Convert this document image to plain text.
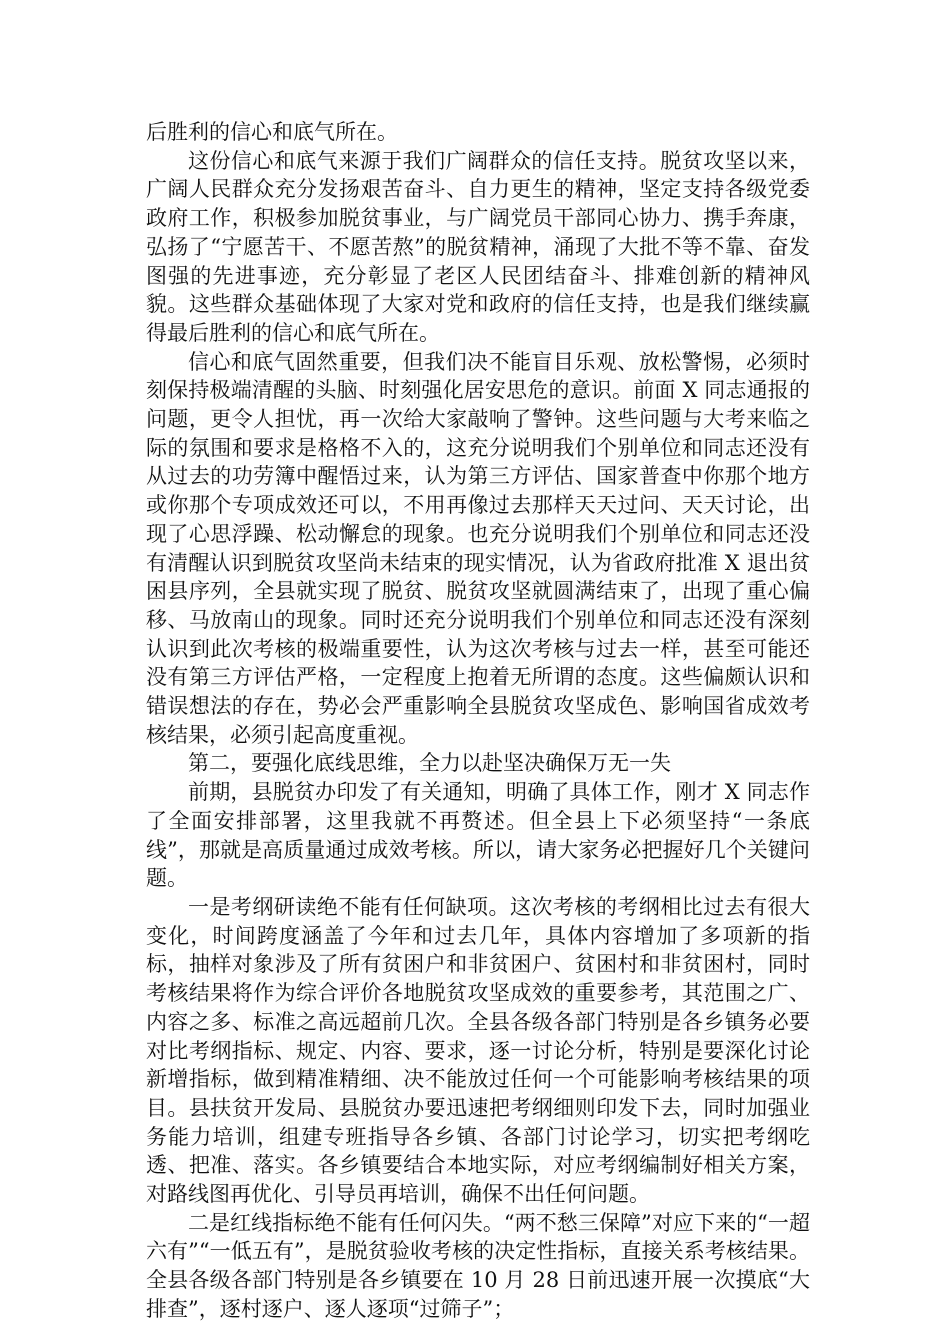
后胜利的信心和底气所在。

这份信心和底气来源于我们广阔群众的信任支持。脱贫攻坚以来，广阔人民群众充分发扬艰苦奋斗、自力更生的精神，坚定支持各级党委政府工作，积极参加脱贫事业，与广阔党员干部同心协力、携手奔康，弘扬了“宁愿苦干、不愿苦熬”的脱贫精神，涌现了大批不等不靠、奋发图强的先进事迹，充分彰显了老区人民团结奋斗、排难创新的精神风貌。这些群众基础体现了大家对党和政府的信任支持，也是我们继续赢得最后胜利的信心和底气所在。

信心和底气固然重要，但我们决不能盲目乐观、放松警惕，必须时刻保持极端清醒的头脑、时刻强化居安思危的意识。前面 X 同志通报的问题，更令人担忧，再一次给大家敲响了警钟。这些问题与大考来临之际的氛围和要求是格格不入的，这充分说明我们个别单位和同志还没有从过去的功劳簿中醒悟过来，认为第三方评估、国家普查中你那个地方或你那个专项成效还可以，不用再像过去那样天天过问、天天讨论，出现了心思浮躁、松动懈怠的现象。也充分说明我们个别单位和同志还没有清醒认识到脱贫攻坚尚未结束的现实情况，认为省政府批准 X 退出贫困县序列，全县就实现了脱贫、脱贫攻坚就圆满结束了，出现了重心偏移、马放南山的现象。同时还充分说明我们个别单位和同志还没有深刻认识到此次考核的极端重要性，认为这次考核与过去一样，甚至可能还没有第三方评估严格，一定程度上抱着无所谓的态度。这些偏颇认识和错误想法的存在，势必会严重影响全县脱贫攻坚成色、影响国省成效考核结果，必须引起高度重视。

第二，要强化底线思维，全力以赴坚决确保万无一失

前期，县脱贫办印发了有关通知，明确了具体工作，刚才 X 同志作了全面安排部署，这里我就不再赘述。但全县上下必须坚持“一条底线”，那就是高质量通过成效考核。所以，请大家务必把握好几个关键问题。

一是考纲研读绝不能有任何缺项。这次考核的考纲相比过去有很大变化，时间跨度涵盖了今年和过去几年，具体内容增加了多项新的指标，抽样对象涉及了所有贫困户和非贫困户、贫困村和非贫困村，同时考核结果将作为综合评价各地脱贫攻坚成效的重要参考，其范围之广、内容之多、标准之高远超前几次。全县各级各部门特别是各乡镇务必要对比考纲指标、规定、内容、要求，逐一讨论分析，特别是要深化讨论新增指标，做到精准精细、决不能放过任何一个可能影响考核结果的项目。县扶贫开发局、县脱贫办要迅速把考纲细则印发下去，同时加强业务能力培训，组建专班指导各乡镇、各部门讨论学习，切实把考纲吃透、把准、落实。各乡镇要结合本地实际，对应考纲编制好相关方案，对路线图再优化、引导员再培训，确保不出任何问题。

二是红线指标绝不能有任何闪失。“两不愁三保障”对应下来的“一超六有”“一低五有”，是脱贫验收考核的决定性指标，直接关系考核结果。全县各级各部门特别是各乡镇要在 10 月 28 日前迅速开展一次摸底“大排查”，逐村逐户、逐人逐项“过筛子”；
